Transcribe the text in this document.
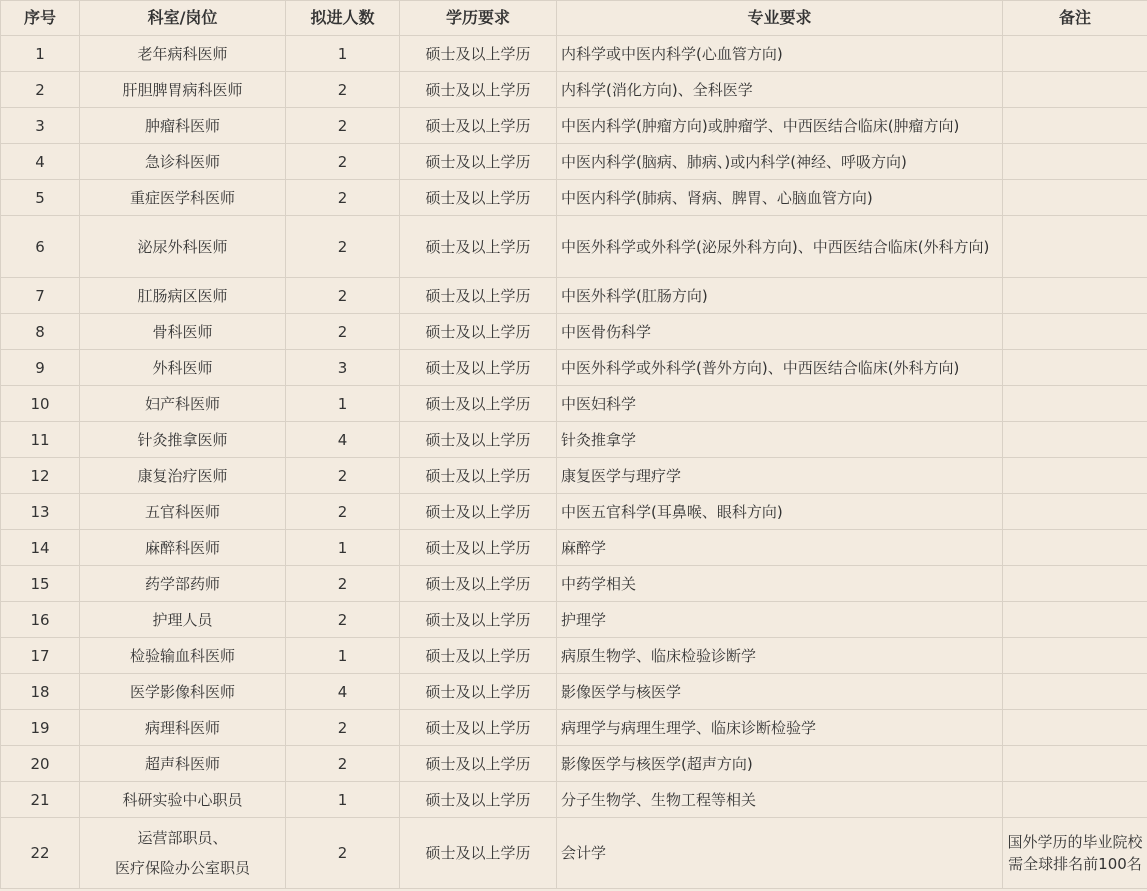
序号	科室/岗位	拟进人数	学历要求	专业要求	备注
1	老年病科医师	1	硕士及以上学历	内科学或中医内科学(心血管方向)	
2	肝胆脾胃病科医师	2	硕士及以上学历	内科学(消化方向)、全科医学	
3	肿瘤科医师	2	硕士及以上学历	中医内科学(肿瘤方向)或肿瘤学、中西医结合临床(肿瘤方向)	
4	急诊科医师	2	硕士及以上学历	中医内科学(脑病、肺病、)或内科学(神经、呼吸方向)	
5	重症医学科医师	2	硕士及以上学历	中医内科学(肺病、肾病、脾胃、心脑血管方向)	
6	泌尿外科医师	2	硕士及以上学历	中医外科学或外科学(泌尿外科方向)、中西医结合临床(外科方向)	
7	肛肠病区医师	2	硕士及以上学历	中医外科学(肛肠方向)	
8	骨科医师	2	硕士及以上学历	中医骨伤科学	
9	外科医师	3	硕士及以上学历	中医外科学或外科学(普外方向)、中西医结合临床(外科方向)	
10	妇产科医师	1	硕士及以上学历	中医妇科学	
11	针灸推拿医师	4	硕士及以上学历	针灸推拿学	
12	康复治疗医师	2	硕士及以上学历	康复医学与理疗学	
13	五官科医师	2	硕士及以上学历	中医五官科学(耳鼻喉、眼科方向)	
14	麻醉科医师	1	硕士及以上学历	麻醉学	
15	药学部药师	2	硕士及以上学历	中药学相关	
16	护理人员	2	硕士及以上学历	护理学	
17	检验输血科医师	1	硕士及以上学历	病原生物学、临床检验诊断学	
18	医学影像科医师	4	硕士及以上学历	影像医学与核医学	
19	病理科医师	2	硕士及以上学历	病理学与病理生理学、临床诊断检验学	
20	超声科医师	2	硕士及以上学历	影像医学与核医学(超声方向)	
21	科研实验中心职员	1	硕士及以上学历	分子生物学、生物工程等相关	
22	运营部职员、
医疗保险办公室职员	2	硕士及以上学历	会计学	国外学历的毕业院校需全球排名前100名
